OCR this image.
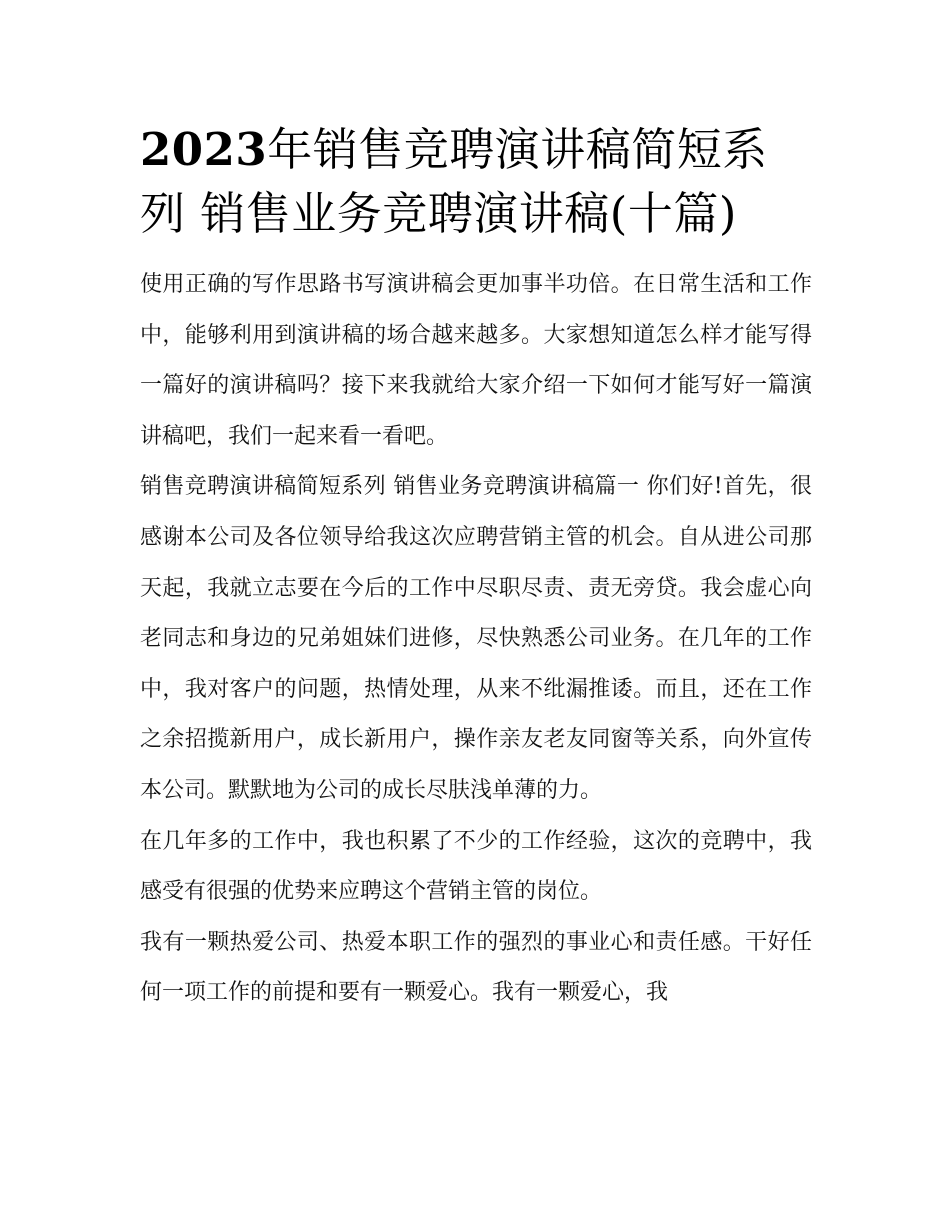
2023年销售竞聘演讲稿简短系列 销售业务竞聘演讲稿(十篇)

使用正确的写作思路书写演讲稿会更加事半功倍。在日常生活和工作中，能够利用到演讲稿的场合越来越多。大家想知道怎么样才能写得一篇好的演讲稿吗？接下来我就给大家介绍一下如何才能写好一篇演讲稿吧，我们一起来看一看吧。

销售竞聘演讲稿简短系列 销售业务竞聘演讲稿篇一 你们好!首先，很感谢本公司及各位领导给我这次应聘营销主管的机会。自从进公司那天起，我就立志要在今后的工作中尽职尽责、责无旁贷。我会虚心向老同志和身边的兄弟姐妹们进修，尽快熟悉公司业务。在几年的工作中，我对客户的问题，热情处理，从来不纰漏推诿。而且，还在工作之余招揽新用户，成长新用户，操作亲友老友同窗等关系，向外宣传本公司。默默地为公司的成长尽肤浅单薄的力。

在几年多的工作中，我也积累了不少的工作经验，这次的竞聘中，我感受有很强的优势来应聘这个营销主管的岗位。

我有一颗热爱公司、热爱本职工作的强烈的事业心和责任感。干好任何一项工作的前提和要有一颗爱心。我有一颗爱心，我
